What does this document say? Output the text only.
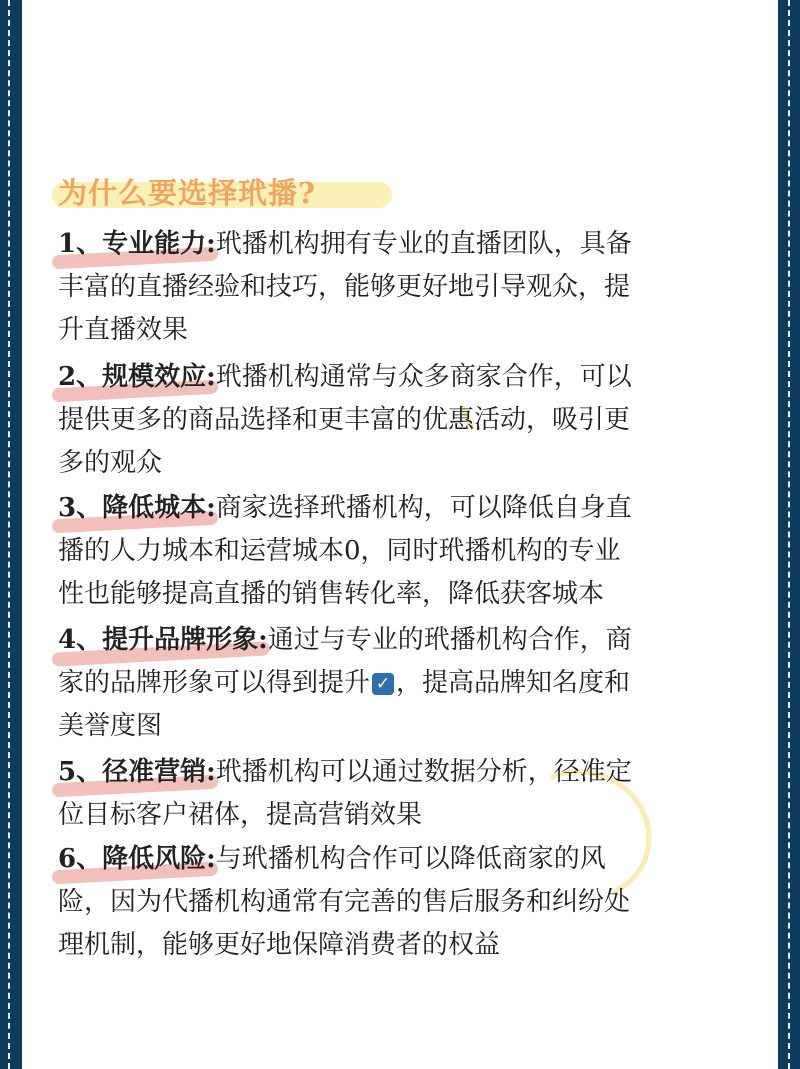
为什么要选择玳播?
1、专业能力:玳播机构拥有专业的直播团队，具备
丰富的直播经验和技巧，能够更好地引导观众，提
升直播效果
2、规模效应:玳播机构通常与众多商家合作，可以
提供更多的商品选择和更丰富的优惠活动，吸引更
多的观众
3、降低城本:商家选择玳播机构，可以降低自身直
播的人力城本和运营城本0，同时玳播机构的专业
性也能够提高直播的销售转化率，降低获客城本
4、提升品牌形象:通过与专业的玳播机构合作，商
家的品牌形象可以得到提升 ✓ ，提高品牌知名度和
美誉度图
5、径准营销:玳播机构可以通过数据分析，径准定
位目标客户裙体，提高营销效果
6、降低风险:与玳播机构合作可以降低商家的风
险，因为代播机构通常有完善的售后服务和纠纷处
理机制，能够更好地保障消费者的权益
